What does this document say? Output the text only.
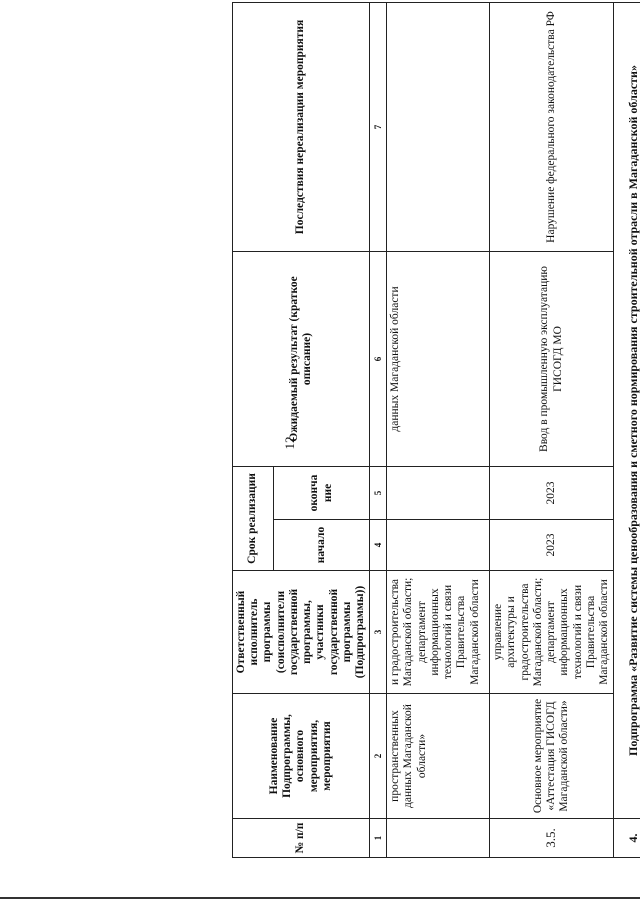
12
№ п/п	Наименование Подпрограммы, основного мероприятия, мероприятия	Ответственный исполнитель программы (соисполнители государственной программы, участники государственной программы (Подпрограммы))	Срок реализации		Ожидаемый результат (краткое описание)	Последствия нереализации мероприятия
			начало	оконча ние		
1	2	3	4	5	6	7
	пространственных данных Магаданской области»	и градостроительства Магаданской области; департамент информационных технологий и связи Правительства Магаданской области			данных Магаданской области	
3.5.	Основное мероприятие «Аттестация ГИСОГД Магаданской области»	управление архитектуры и градостроительства Магаданской области; департамент информационных технологий и связи Правительства Магаданской области	2023	2023	Ввод в промышленную эксплуатацию ГИСОГД МО	Нарушение федерального законодательства РФ
4.	Подпрограмма «Развитие системы ценообразования и сметного нормирования строительной отрасли в Магаданской области»					
